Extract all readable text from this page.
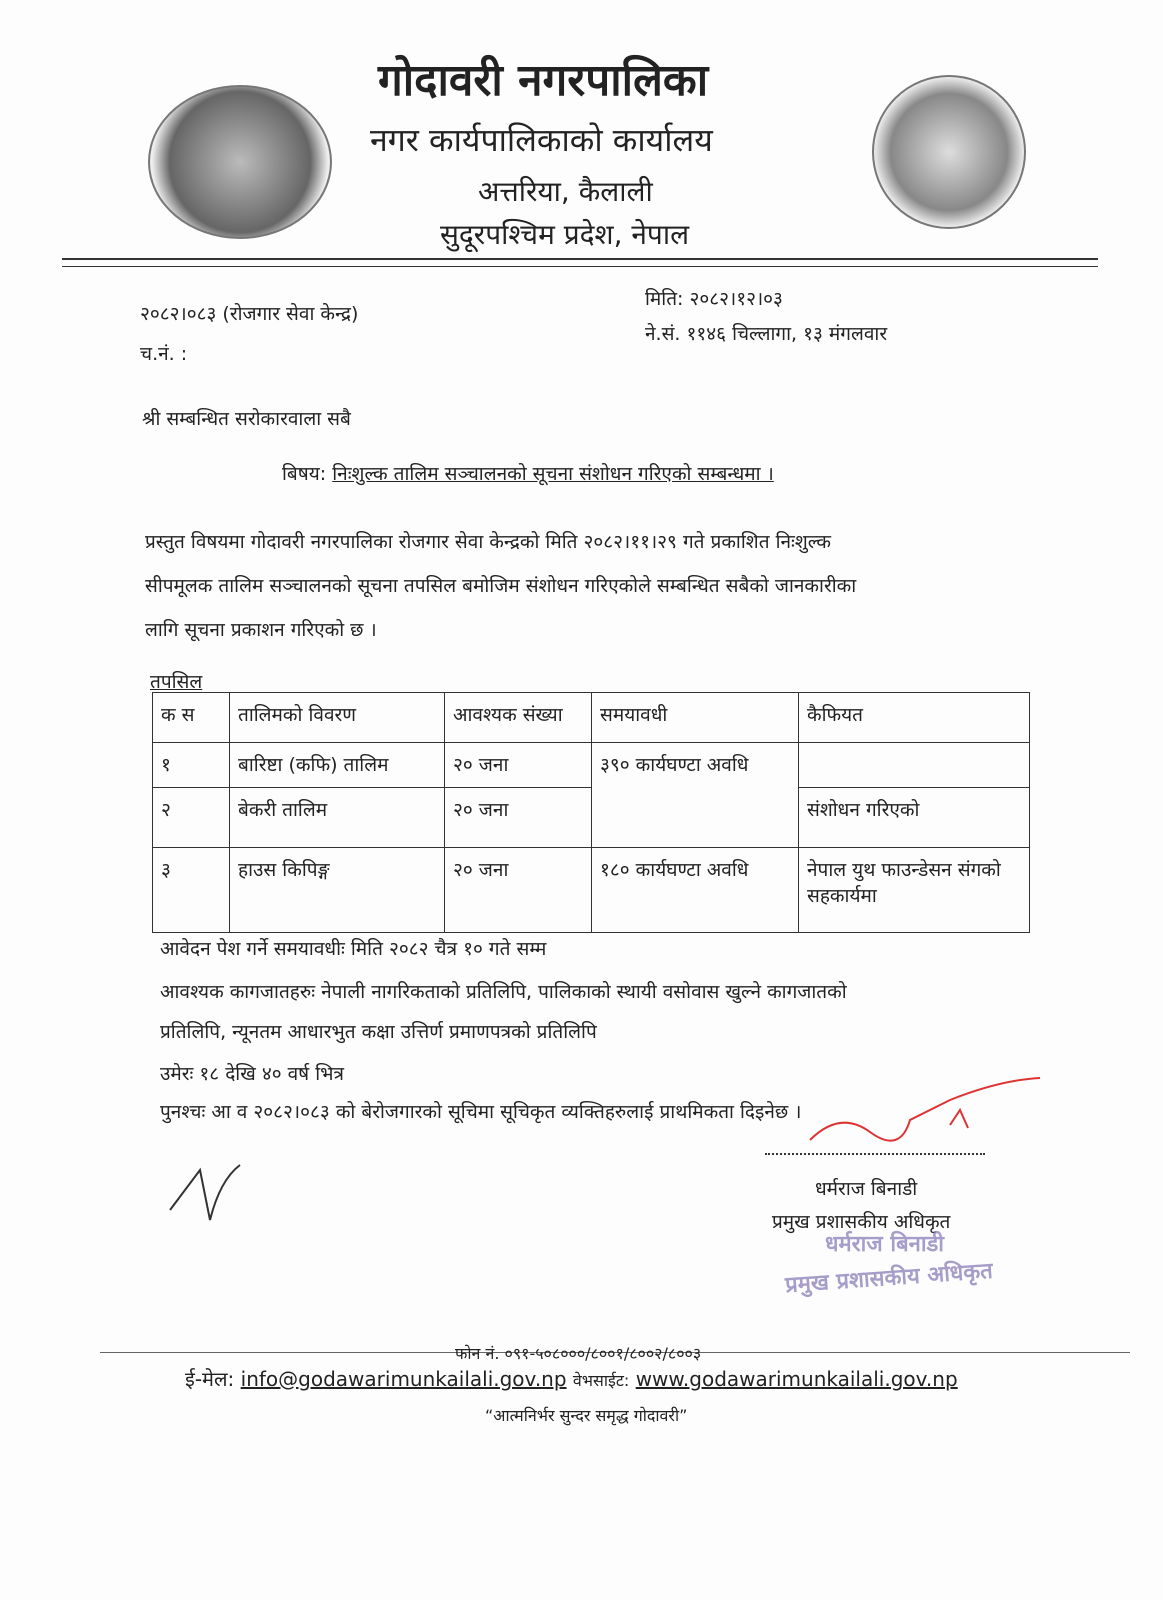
गोदावरी नगरपालिका
नगर कार्यपालिकाको कार्यालय
अत्तरिया, कैलाली
सुदूरपश्चिम प्रदेश, नेपाल
२०८२।०८३ (रोजगार सेवा केन्द्र)
च.नं. :
मिति: २०८२।१२।०३
ने.सं. ११४६ चिल्लागा, १३ मंगलवार
श्री सम्बन्धित सरोकारवाला सबै
बिषय: निःशुल्क तालिम सञ्चालनको सूचना संशोधन गरिएको सम्बन्धमा ।
प्रस्तुत विषयमा गोदावरी नगरपालिका रोजगार सेवा केन्द्रको मिति २०८२।११।२९ गते प्रकाशित निःशुल्क
सीपमूलक तालिम सञ्चालनको सूचना तपसिल बमोजिम संशोधन गरिएकोले सम्बन्धित सबैको जानकारीका
लागि सूचना प्रकाशन गरिएको छ ।
तपसिल
क स	तालिमको विवरण	आवश्यक संख्या	समयावधी	कैफियत
१	बारिष्टा (कफि) तालिम	२० जना	३९० कार्यघण्टा अवधि	
२	बेकरी तालिम	२० जना		संशोधन गरिएको
३	हाउस किपिङ्ग	२० जना	१८० कार्यघण्टा अवधि	नेपाल युथ फाउन्डेसन संगको सहकार्यमा
आवेदन पेश गर्ने समयावधीः मिति २०८२ चैत्र १० गते सम्म
आवश्यक कागजातहरुः नेपाली नागरिकताको प्रतिलिपि, पालिकाको स्थायी वसोवास खुल्ने कागजातको
प्रतिलिपि, न्यूनतम आधारभुत कक्षा उत्तिर्ण प्रमाणपत्रको प्रतिलिपि
उमेरः १८ देखि ४० वर्ष भित्र
पुनश्चः आ व २०८२।०८३ को बेरोजगारको सूचिमा सूचिकृत व्यक्तिहरुलाई प्राथमिकता दिइनेछ ।
धर्मराज बिनाडी
प्रमुख प्रशासकीय अधिकृत
धर्मराज बिनाडी
प्रमुख प्रशासकीय अधिकृत
फोन नं. ०९१-५०८०००/८००१/८००२/८००३
ई-मेल: info@godawarimunkailali.gov.np वेभसाईट: www.godawarimunkailali.gov.np
“आत्मनिर्भर सुन्दर समृद्ध गोदावरी”
